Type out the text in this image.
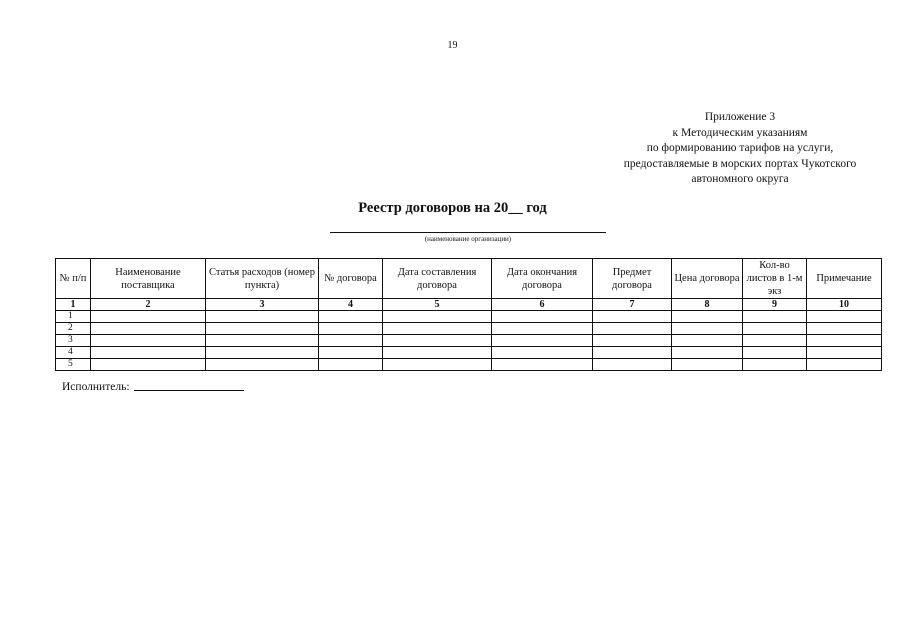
19
Приложение 3
к Методическим указаниям
по формированию тарифов на услуги,
предоставляемые в морских портах Чукотского
автономного округа
Реестр договоров на 20__ год
(наименование организации)
№ п/п	Наименование поставщика	Статья расходов (номер пункта)	№ договора	Дата составления договора	Дата окончания договора	Предмет договора	Цена договора	Кол-во листов в 1-м экз	Примечание
1	2	3	4	5	6	7	8	9	10
1									
2									
3									
4									
5									
Исполнитель:
